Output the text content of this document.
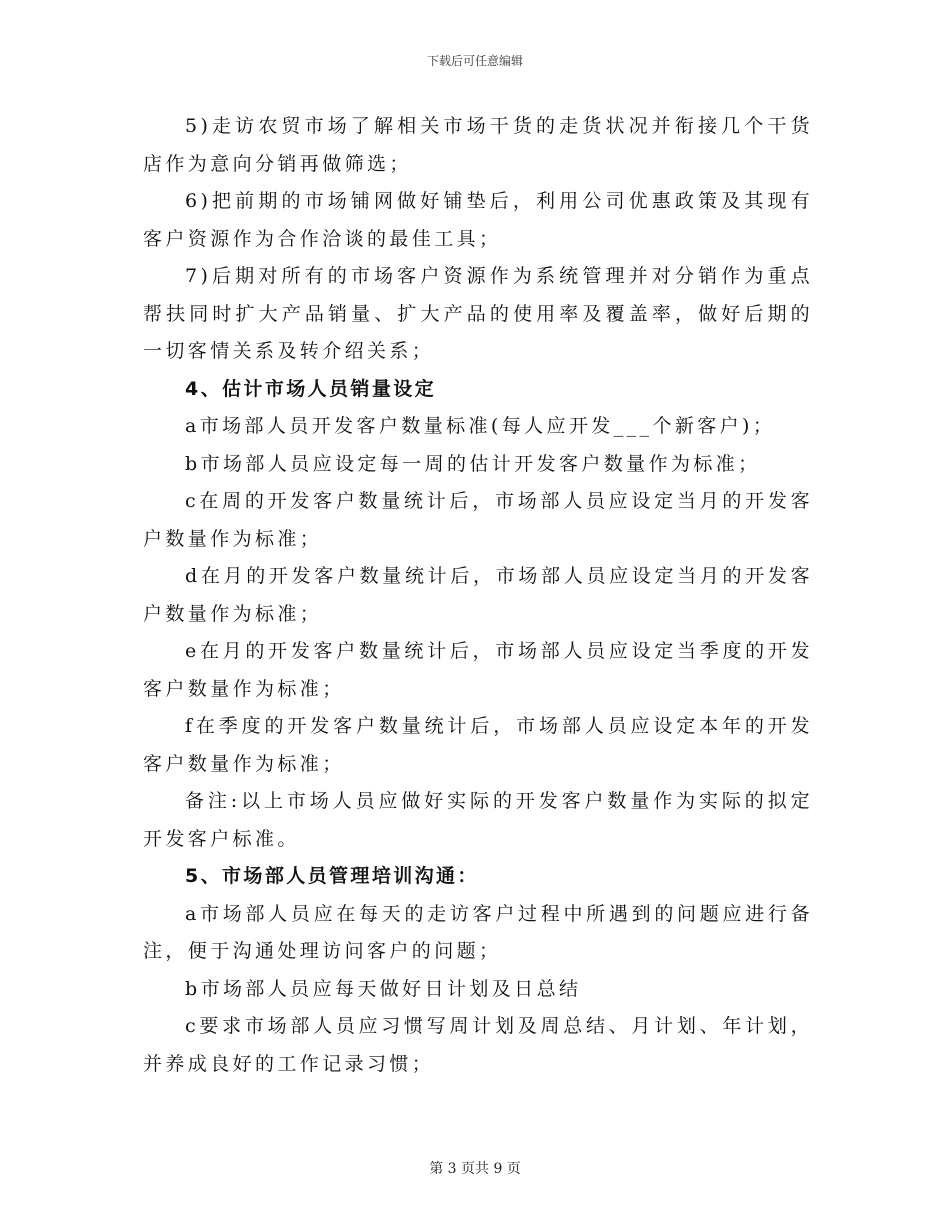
下载后可任意编辑

5)走访农贸市场了解相关市场干货的走货状况并衔接几个干货店作为意向分销再做筛选；

6)把前期的市场铺网做好铺垫后，利用公司优惠政策及其现有客户资源作为合作洽谈的最佳工具；

7)后期对所有的市场客户资源作为系统管理并对分销作为重点帮扶同时扩大产品销量、扩大产品的使用率及覆盖率，做好后期的一切客情关系及转介绍关系；

4、估计市场人员销量设定

a市场部人员开发客户数量标准(每人应开发___个新客户)；

b市场部人员应设定每一周的估计开发客户数量作为标准；

c在周的开发客户数量统计后，市场部人员应设定当月的开发客户数量作为标准；

d在月的开发客户数量统计后，市场部人员应设定当月的开发客户数量作为标准；

e在月的开发客户数量统计后，市场部人员应设定当季度的开发客户数量作为标准；

f在季度的开发客户数量统计后，市场部人员应设定本年的开发客户数量作为标准；

备注:以上市场人员应做好实际的开发客户数量作为实际的拟定开发客户标准。

5、市场部人员管理培训沟通：

a市场部人员应在每天的走访客户过程中所遇到的问题应进行备注，便于沟通处理访问客户的问题；

b市场部人员应每天做好日计划及日总结

c要求市场部人员应习惯写周计划及周总结、月计划、年计划，并养成良好的工作记录习惯；

第 3 页共 9 页
